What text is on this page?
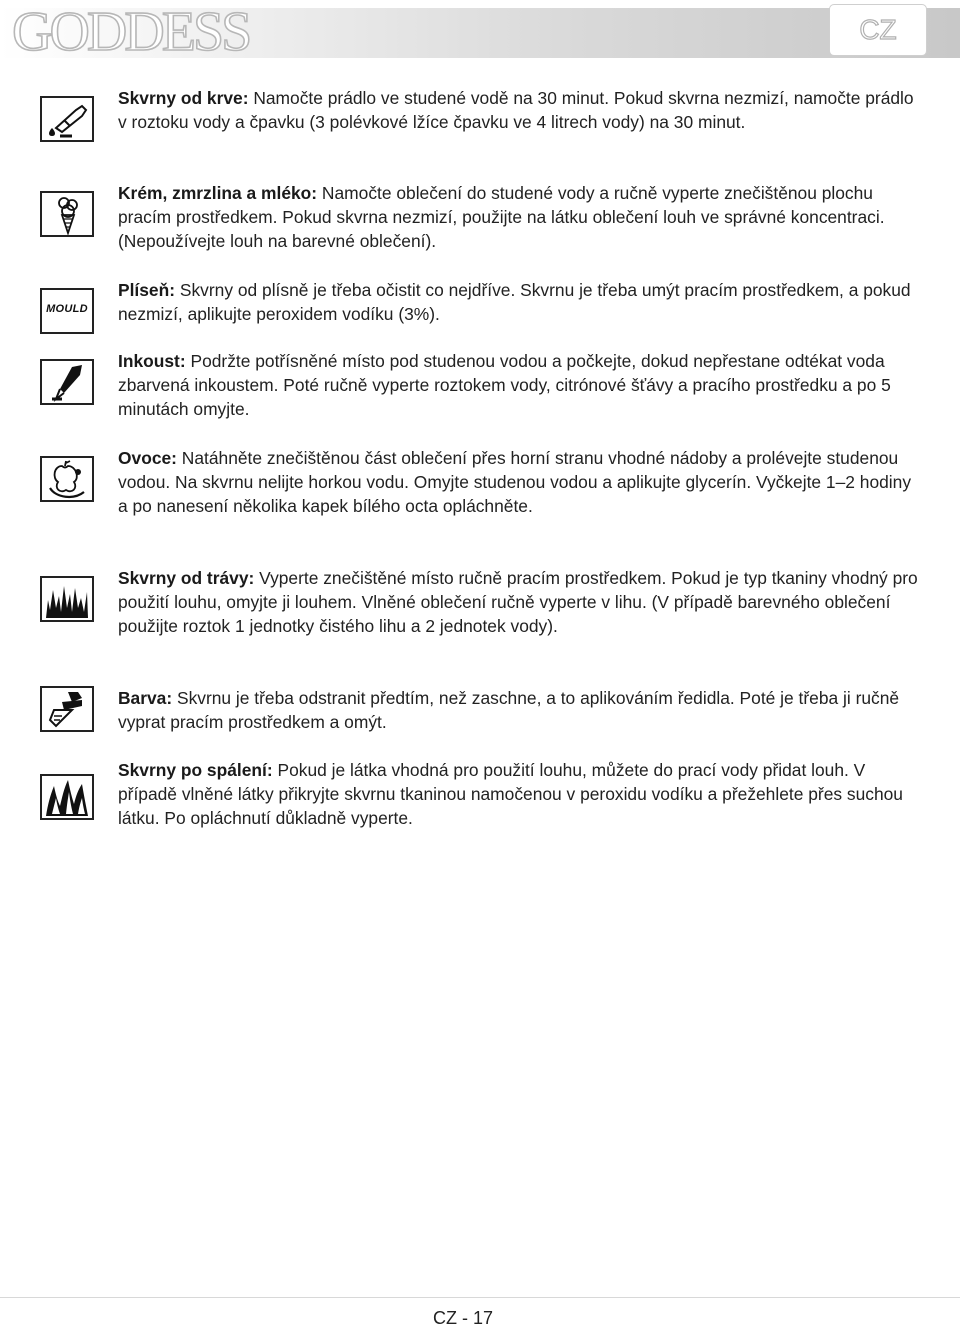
GODDESS	CZ
Skvrny od krve: Namočte prádlo ve studené vodě na 30 minut. Pokud skvrna nezmizí, namočte prádlo v roztoku vody a čpavku (3 polévkové lžíce čpavku ve 4 litrech vody) na 30 minut.
Krém, zmrzlina a mléko: Namočte oblečení do studené vody a ručně vyperte znečištěnou plochu pracím prostředkem. Pokud skvrna nezmizí, použijte na látku oblečení louh ve správné koncentraci. (Nepoužívejte louh na barevné oblečení).
MOULD
Plíseň: Skvrny od plísně je třeba očistit co nejdříve. Skvrnu je třeba umýt pracím prostředkem, a pokud nezmizí, aplikujte peroxidem vodíku (3%).
Inkoust: Podržte potřísněné místo pod studenou vodou a počkejte, dokud nepřestane odtékat voda zbarvená inkoustem. Poté ručně vyperte roztokem vody, citrónové šťávy a pracího prostředku a po 5 minutách omyjte.
Ovoce: Natáhněte znečištěnou část oblečení přes horní stranu vhodné nádoby a prolévejte studenou vodou. Na skvrnu nelijte horkou vodu. Omyjte studenou vodou a aplikujte glycerín. Vyčkejte 1–2 hodiny a po nanesení několika kapek bílého octa opláchněte.
Skvrny od trávy: Vyperte znečištěné místo ručně pracím prostředkem. Pokud je typ tkaniny vhodný pro použití louhu, omyjte ji louhem. Vlněné oblečení ručně vyperte v lihu. (V případě barevného oblečení použijte roztok 1 jednotky čistého lihu a 2 jednotek vody).
Barva: Skvrnu je třeba odstranit předtím, než zaschne, a to aplikováním ředidla. Poté je třeba ji ručně vyprat pracím prostředkem a omýt.
Skvrny po spálení: Pokud je látka vhodná pro použití louhu, můžete do prací vody přidat louh. V případě vlněné látky přikryjte skvrnu tkaninou namočenou v peroxidu vodíku a přežehlete přes suchou látku. Po opláchnutí důkladně vyperte.
CZ - 17
